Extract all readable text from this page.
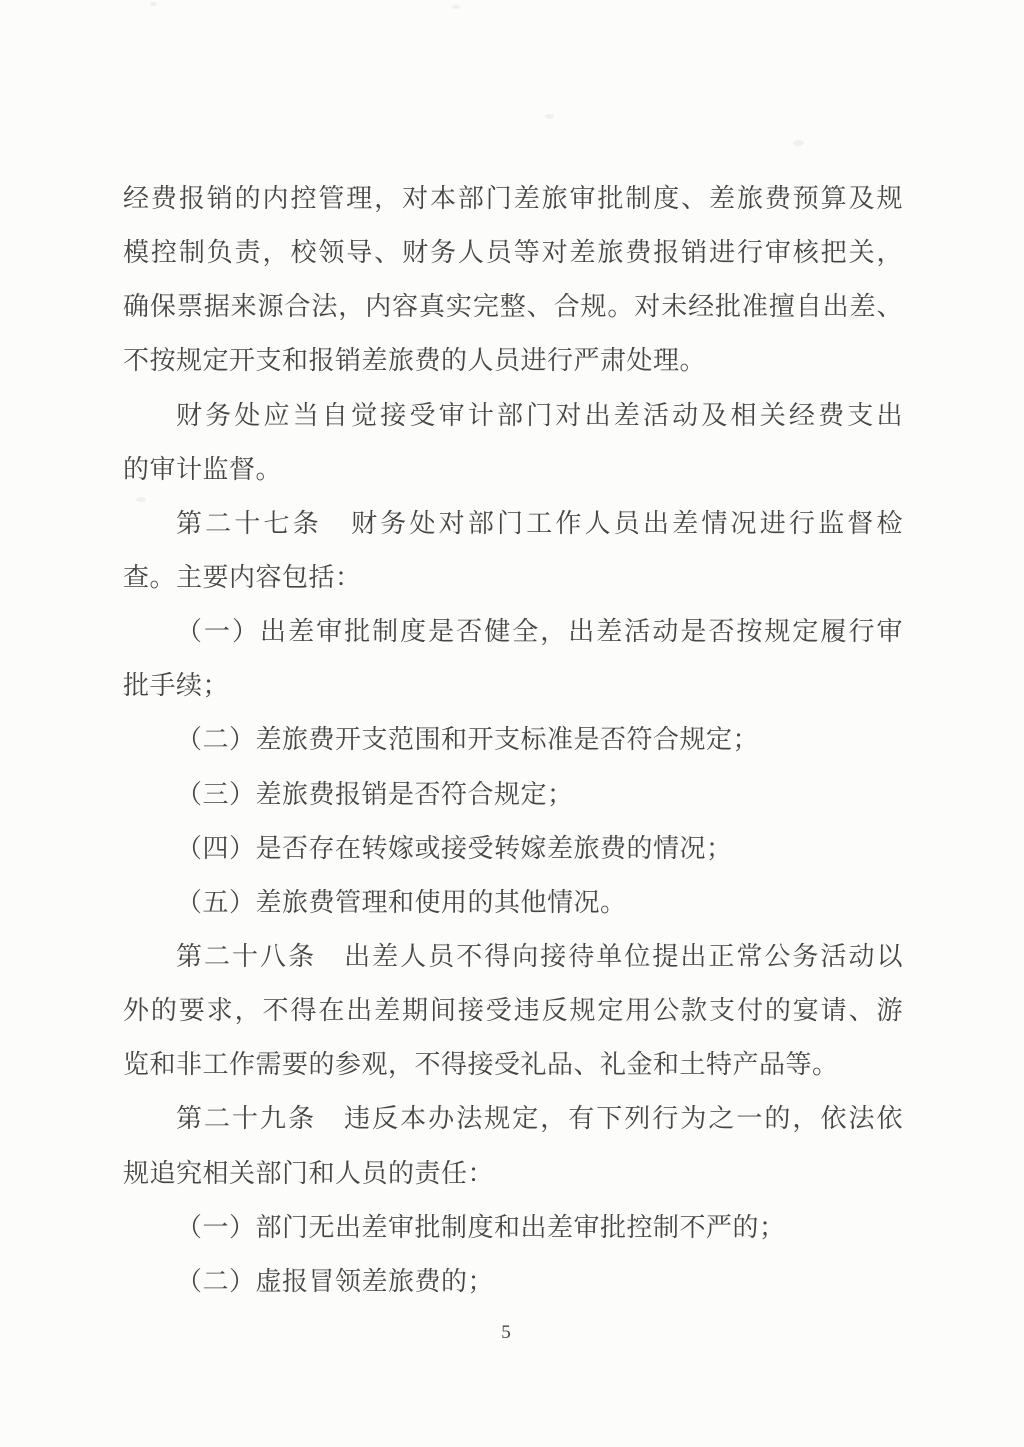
经费报销的内控管理，对本部门差旅审批制度、差旅费预算及规
模控制负责，校领导、财务人员等对差旅费报销进行审核把关，
确保票据来源合法，内容真实完整、合规。对未经批准擅自出差、
不按规定开支和报销差旅费的人员进行严肃处理。
财务处应当自觉接受审计部门对出差活动及相关经费支出
的审计监督。
第二十七条　财务处对部门工作人员出差情况进行监督检
查。主要内容包括：
（一）出差审批制度是否健全，出差活动是否按规定履行审
批手续；
（二）差旅费开支范围和开支标准是否符合规定；
（三）差旅费报销是否符合规定；
（四）是否存在转嫁或接受转嫁差旅费的情况；
（五）差旅费管理和使用的其他情况。
第二十八条　出差人员不得向接待单位提出正常公务活动以
外的要求，不得在出差期间接受违反规定用公款支付的宴请、游
览和非工作需要的参观，不得接受礼品、礼金和土特产品等。
第二十九条　违反本办法规定，有下列行为之一的，依法依
规追究相关部门和人员的责任：
（一）部门无出差审批制度和出差审批控制不严的；
（二）虚报冒领差旅费的；
5
